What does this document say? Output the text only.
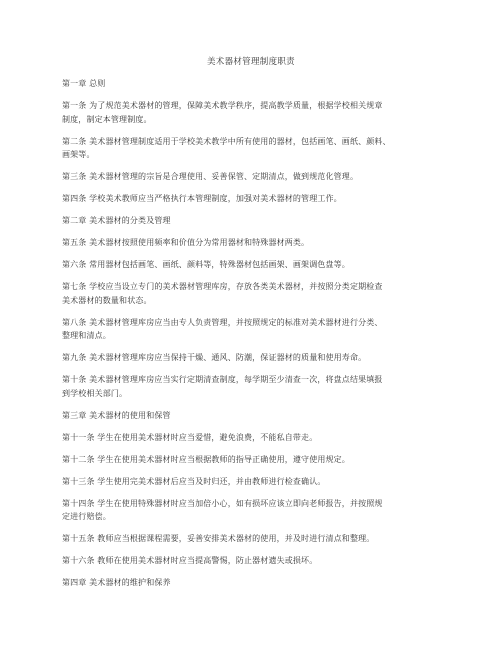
美术器材管理制度职责

第一章 总则

第一条 为了规范美术器材的管理，保障美术教学秩序，提高教学质量，根据学校相关规章
制度，制定本管理制度。

第二条 美术器材管理制度适用于学校美术教学中所有使用的器材，包括画笔、画纸、颜料、
画架等。

第三条 美术器材管理的宗旨是合理使用、妥善保管、定期清点，做到规范化管理。

第四条 学校美术教师应当严格执行本管理制度，加强对美术器材的管理工作。

第二章 美术器材的分类及管理

第五条 美术器材按照使用频率和价值分为常用器材和特殊器材两类。

第六条 常用器材包括画笔、画纸、颜料等，特殊器材包括画架、画架调色盘等。

第七条 学校应当设立专门的美术器材管理库房，存放各类美术器材，并按照分类定期检查
美术器材的数量和状态。

第八条 美术器材管理库房应当由专人负责管理，并按照规定的标准对美术器材进行分类、
整理和清点。

第九条 美术器材管理库房应当保持干燥、通风、防潮，保证器材的质量和使用寿命。

第十条 美术器材管理库房应当实行定期清查制度，每学期至少清查一次，将盘点结果填报
到学校相关部门。

第三章 美术器材的使用和保管

第十一条 学生在使用美术器材时应当爱惜，避免浪费，不能私自带走。

第十二条 学生在使用美术器材时应当根据教师的指导正确使用，遵守使用规定。

第十三条 学生使用完美术器材后应当及时归还，并由教师进行检查确认。

第十四条 学生在使用特殊器材时应当加倍小心，如有损坏应该立即向老师报告，并按照规
定进行赔偿。

第十五条 教师应当根据课程需要，妥善安排美术器材的使用，并及时进行清点和整理。

第十六条 教师在使用美术器材时应当提高警惕，防止器材遗失或损坏。

第四章 美术器材的维护和保养
